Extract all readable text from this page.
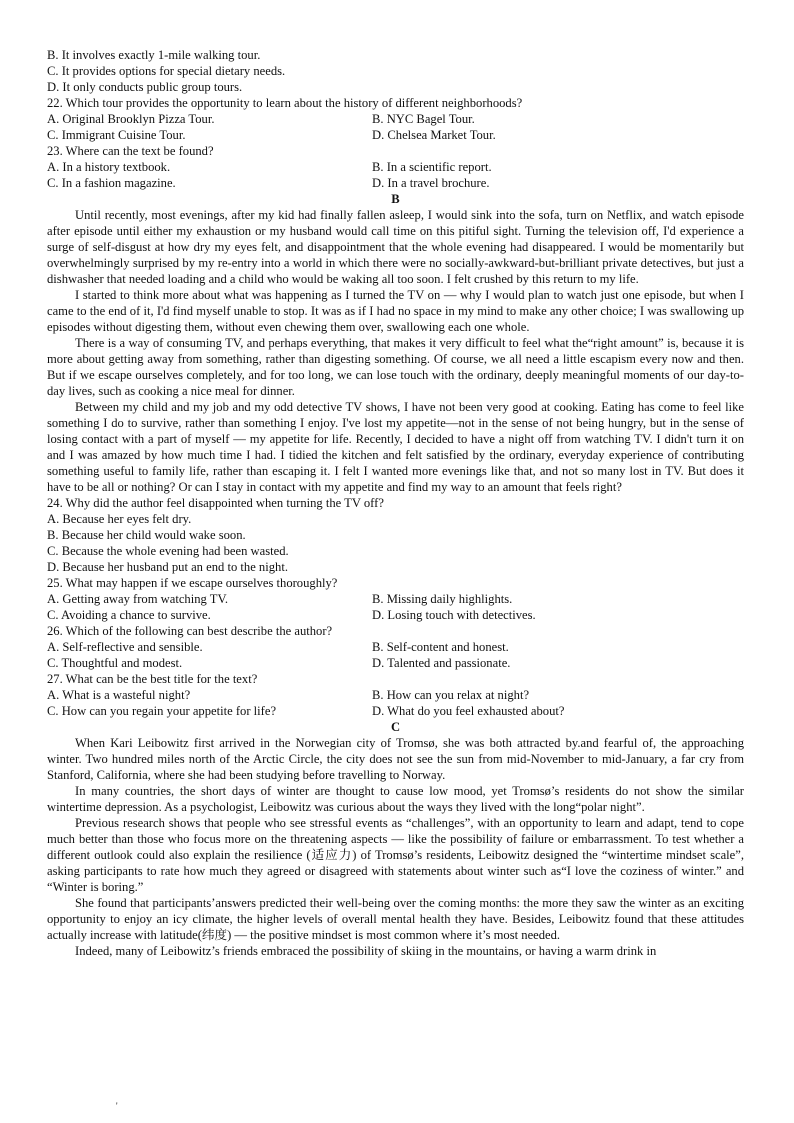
B. It involves exactly 1-mile walking tour.
C. It provides options for special dietary needs.
D. It only conducts public group tours.
22. Which tour provides the opportunity to learn about the history of different neighborhoods?
A. Original Brooklyn Pizza Tour.	B. NYC Bagel Tour.
C. Immigrant Cuisine Tour.	D. Chelsea Market Tour.
23. Where can the text be found?
A. In a history textbook.	B. In a scientific report.
C. In a fashion magazine.	D. In a travel brochure.
B
Until recently, most evenings, after my kid had finally fallen asleep, I would sink into the sofa, turn on Netflix, and watch episode after episode until either my exhaustion or my husband would call time on this pitiful sight. Turning the television off, I'd experience a surge of self-disgust at how dry my eyes felt, and disappointment that the whole evening had disappeared. I would be momentarily but overwhelmingly surprised by my re-entry into a world in which there were no socially-awkward-but-brilliant private detectives, but just a dishwasher that needed loading and a child who would be waking all too soon. I felt crushed by this return to my life.
I started to think more about what was happening as I turned the TV on — why I would plan to watch just one episode, but when I came to the end of it, I'd find myself unable to stop. It was as if I had no space in my mind to make any other choice; I was swallowing up episodes without digesting them, without even chewing them over, swallowing each one whole.
There is a way of consuming TV, and perhaps everything, that makes it very difficult to feel what the“right amount” is, because it is more about getting away from something, rather than digesting something. Of course, we all need a little escapism every now and then. But if we escape ourselves completely, and for too long, we can lose touch with the ordinary, deeply meaningful moments of our day-to-day lives, such as cooking a nice meal for dinner.
Between my child and my job and my odd detective TV shows, I have not been very good at cooking. Eating has come to feel like something I do to survive, rather than something I enjoy. I've lost my appetite—not in the sense of not being hungry, but in the sense of losing contact with a part of myself — my appetite for life. Recently, I decided to have a night off from watching TV. I didn't turn it on and I was amazed by how much time I had. I tidied the kitchen and felt satisfied by the ordinary, everyday experience of contributing something useful to family life, rather than escaping it. I felt I wanted more evenings like that, and not so many lost in TV. But does it have to be all or nothing? Or can I stay in contact with my appetite and find my way to an amount that feels right?
24. Why did the author feel disappointed when turning the TV off?
A. Because her eyes felt dry.
B. Because her child would wake soon.
C. Because the whole evening had been wasted.
D. Because her husband put an end to the night.
25. What may happen if we escape ourselves thoroughly?
A. Getting away from watching TV.	B. Missing daily highlights.
C. Avoiding a chance to survive.	D. Losing touch with detectives.
26. Which of the following can best describe the author?
A. Self-reflective and sensible.	B. Self-content and honest.
C. Thoughtful and modest.	D. Talented and passionate.
27. What can be the best title for the text?
A. What is a wasteful night?	B. How can you relax at night?
C. How can you regain your appetite for life?	D. What do you feel exhausted about?
C
When Kari Leibowitz first arrived in the Norwegian city of Tromsø, she was both attracted by.and fearful of, the approaching winter. Two hundred miles north of the Arctic Circle, the city does not see the sun from mid-November to mid-January, a far cry from Stanford, California, where she had been studying before travelling to Norway.
In many countries, the short days of winter are thought to cause low mood, yet Tromsø’s residents do not show the similar wintertime depression. As a psychologist, Leibowitz was curious about the ways they lived with the long“polar night”.
Previous research shows that people who see stressful events as “challenges”, with an opportunity to learn and adapt, tend to cope much better than those who focus more on the threatening aspects — like the possibility of failure or embarrassment. To test whether a different outlook could also explain the resilience (适应力) of Tromsø’s residents, Leibowitz designed the “wintertime mindset scale”, asking participants to rate how much they agreed or disagreed with statements about winter such as“I love the coziness of winter.” and “Winter is boring.”
She found that participants’answers predicted their well-being over the coming months: the more they saw the winter as an exciting opportunity to enjoy an icy climate, the higher levels of overall mental health they have. Besides, Leibowitz found that these attitudes actually increase with latitude(纬度) — the positive mindset is most common where it’s most needed.
Indeed, many of Leibowitz’s friends embraced the possibility of skiing in the mountains, or having a warm drink in
'
